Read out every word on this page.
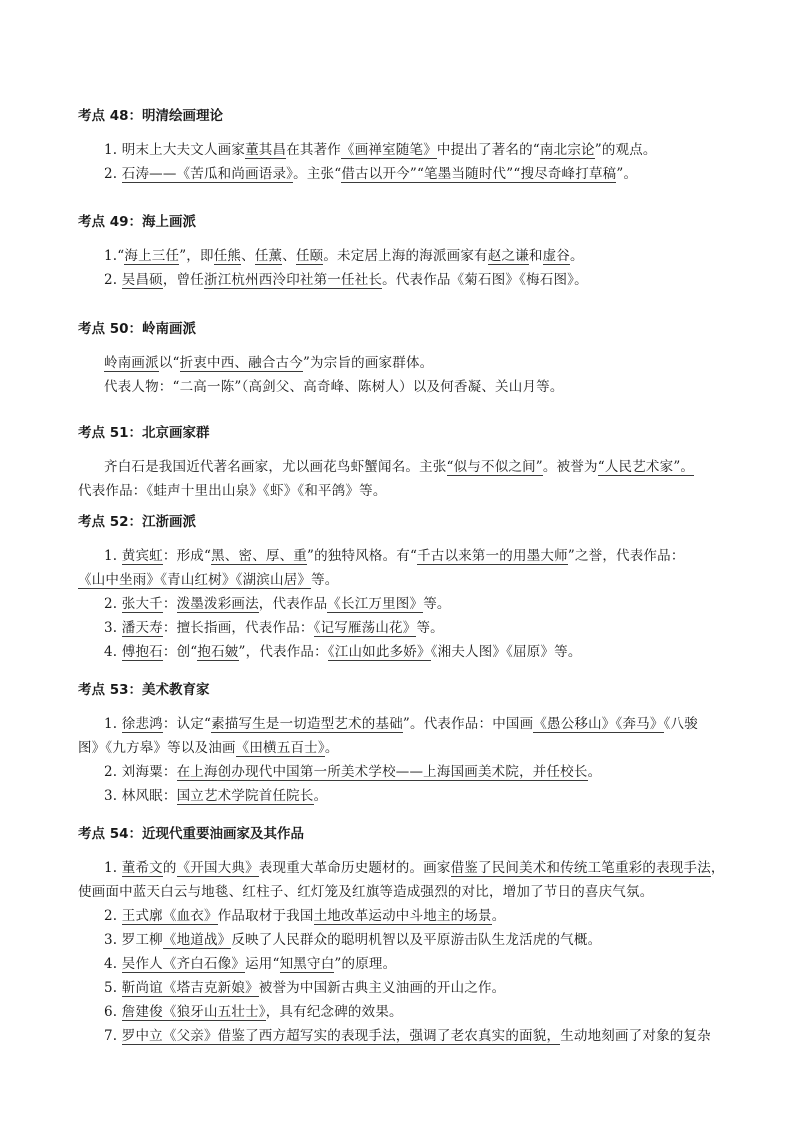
考点 48：明清绘画理论

1. 明末上大夫文人画家董其昌在其著作《画禅室随笔》中提出了著名的“南北宗论”的观点。

2. 石涛——《苦瓜和尚画语录》。主张“借古以开今”“笔墨当随时代”“搜尽奇峰打草稿”。

考点 49：海上画派

1.“海上三任”，即任熊、任薰、任颐。未定居上海的海派画家有赵之谦和虚谷。

2. 吴昌硕，曾任浙江杭州西泠印社第一任社长。代表作品《菊石图》《梅石图》。

考点 50：岭南画派

岭南画派以“折衷中西、融合古今”为宗旨的画家群体。

代表人物：“二高一陈”（高剑父、高奇峰、陈树人）以及何香凝、关山月等。

考点 51：北京画家群

齐白石是我国近代著名画家，尤以画花鸟虾蟹闻名。主张“似与不似之间”。被誉为“人民艺术家”。

代表作品：《蛙声十里出山泉》《虾》《和平鸽》等。

考点 52：江浙画派

1. 黄宾虹：形成“黑、密、厚、重”的独特风格。有“千古以来第一的用墨大师”之誉，代表作品：

《山中坐雨》《青山红树》《湖滨山居》等。

2. 张大千：泼墨泼彩画法，代表作品《长江万里图》等。

3. 潘天寿：擅长指画，代表作品：《记写雁荡山花》等。

4. 傅抱石：创“抱石皴”，代表作品：《江山如此多娇》《湘夫人图》《屈原》等。

考点 53：美术教育家

1. 徐悲鸿：认定“素描写生是一切造型艺术的基础”。代表作品：中国画《愚公移山》《奔马》《八骏

图》《九方皋》等以及油画《田横五百士》。

2. 刘海粟：在上海创办现代中国第一所美术学校——上海国画美术院，并任校长。

3. 林风眠：国立艺术学院首任院长。

考点 54：近现代重要油画家及其作品

1. 董希文的《开国大典》表现重大革命历史题材的。画家借鉴了民间美术和传统工笔重彩的表现手法，

使画面中蓝天白云与地毯、红柱子、红灯笼及红旗等造成强烈的对比，增加了节日的喜庆气氛。

2. 王式廓《血衣》作品取材于我国土地改革运动中斗地主的场景。

3. 罗工柳《地道战》反映了人民群众的聪明机智以及平原游击队生龙活虎的气概。

4. 吴作人《齐白石像》运用“知黑守白”的原理。

5. 靳尚谊《塔吉克新娘》被誉为中国新古典主义油画的开山之作。

6. 詹建俊《狼牙山五壮士》，具有纪念碑的效果。

7. 罗中立《父亲》借鉴了西方超写实的表现手法，强调了老农真实的面貌，生动地刻画了对象的复杂
